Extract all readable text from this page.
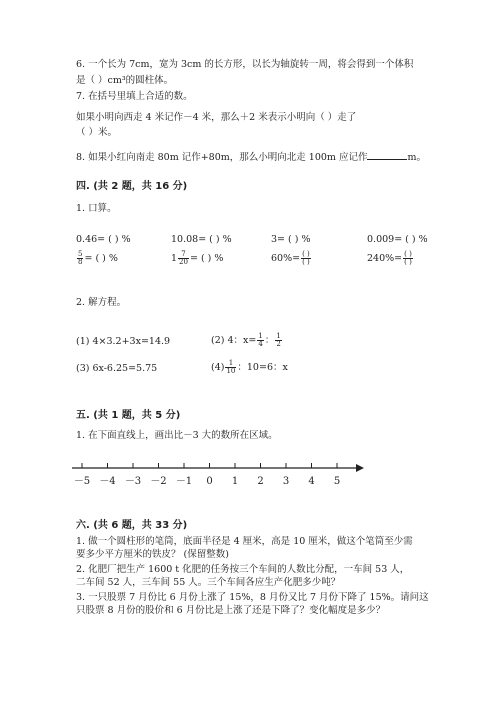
6. 一个长为 7cm，宽为 3cm 的长方形，以长为轴旋转一周，将会得到一个体积
是（ ）cm³的圆柱体。
7. 在括号里填上合适的数。
如果小明向西走 4 米记作－4 米，那么＋2 米表示小明向（ ）走了
（ ）米。
8. 如果小红向南走 80m 记作+80m，那么小明向北走 100m 应记作	m。
四. (共 2 题，共 16 分)
1. 口算。
0.46= ( ) %	10.08= ( ) %	3= ( ) %	0.009= ( ) %
$\frac{5}{8}$ = ( ) %	$1 \frac{7}{20}$ = ( ) %	$60\%= \frac{( )}{( )}$	$240\%= \frac{( )}{( )}$
2. 解方程。
(1) 4×3.2+3x=14.9	(2) 4：$x= \frac{1}{4}$ ： $\frac{1}{2}$
(3) 6x-6.25=5.75	$(4) \frac{1}{10}$ ：10=6：x
五. (共 1 题，共 5 分)
1. 在下面直线上，画出比－3 大的数所在区域。
－5 －4 －3 －2 －1 0 1 2 3 4 5
六. (共 6 题，共 33 分)
1. 做一个圆柱形的笔筒，底面半径是 4 厘米，高是 10 厘米，做这个笔筒至少需
要多少平方厘米的铁皮？ (保留整数)
2. 化肥厂把生产 1600 t 化肥的任务按三个车间的人数比分配，一车间 53 人，
二车间 52 人，三车间 55 人。三个车间各应生产化肥多少吨？
3. 一只股票 7 月份比 6 月份上涨了 15%，8 月份又比 7 月份下降了 15%。请问这
只股票 8 月份的股价和 6 月份比是上涨了还是下降了？变化幅度是多少？
